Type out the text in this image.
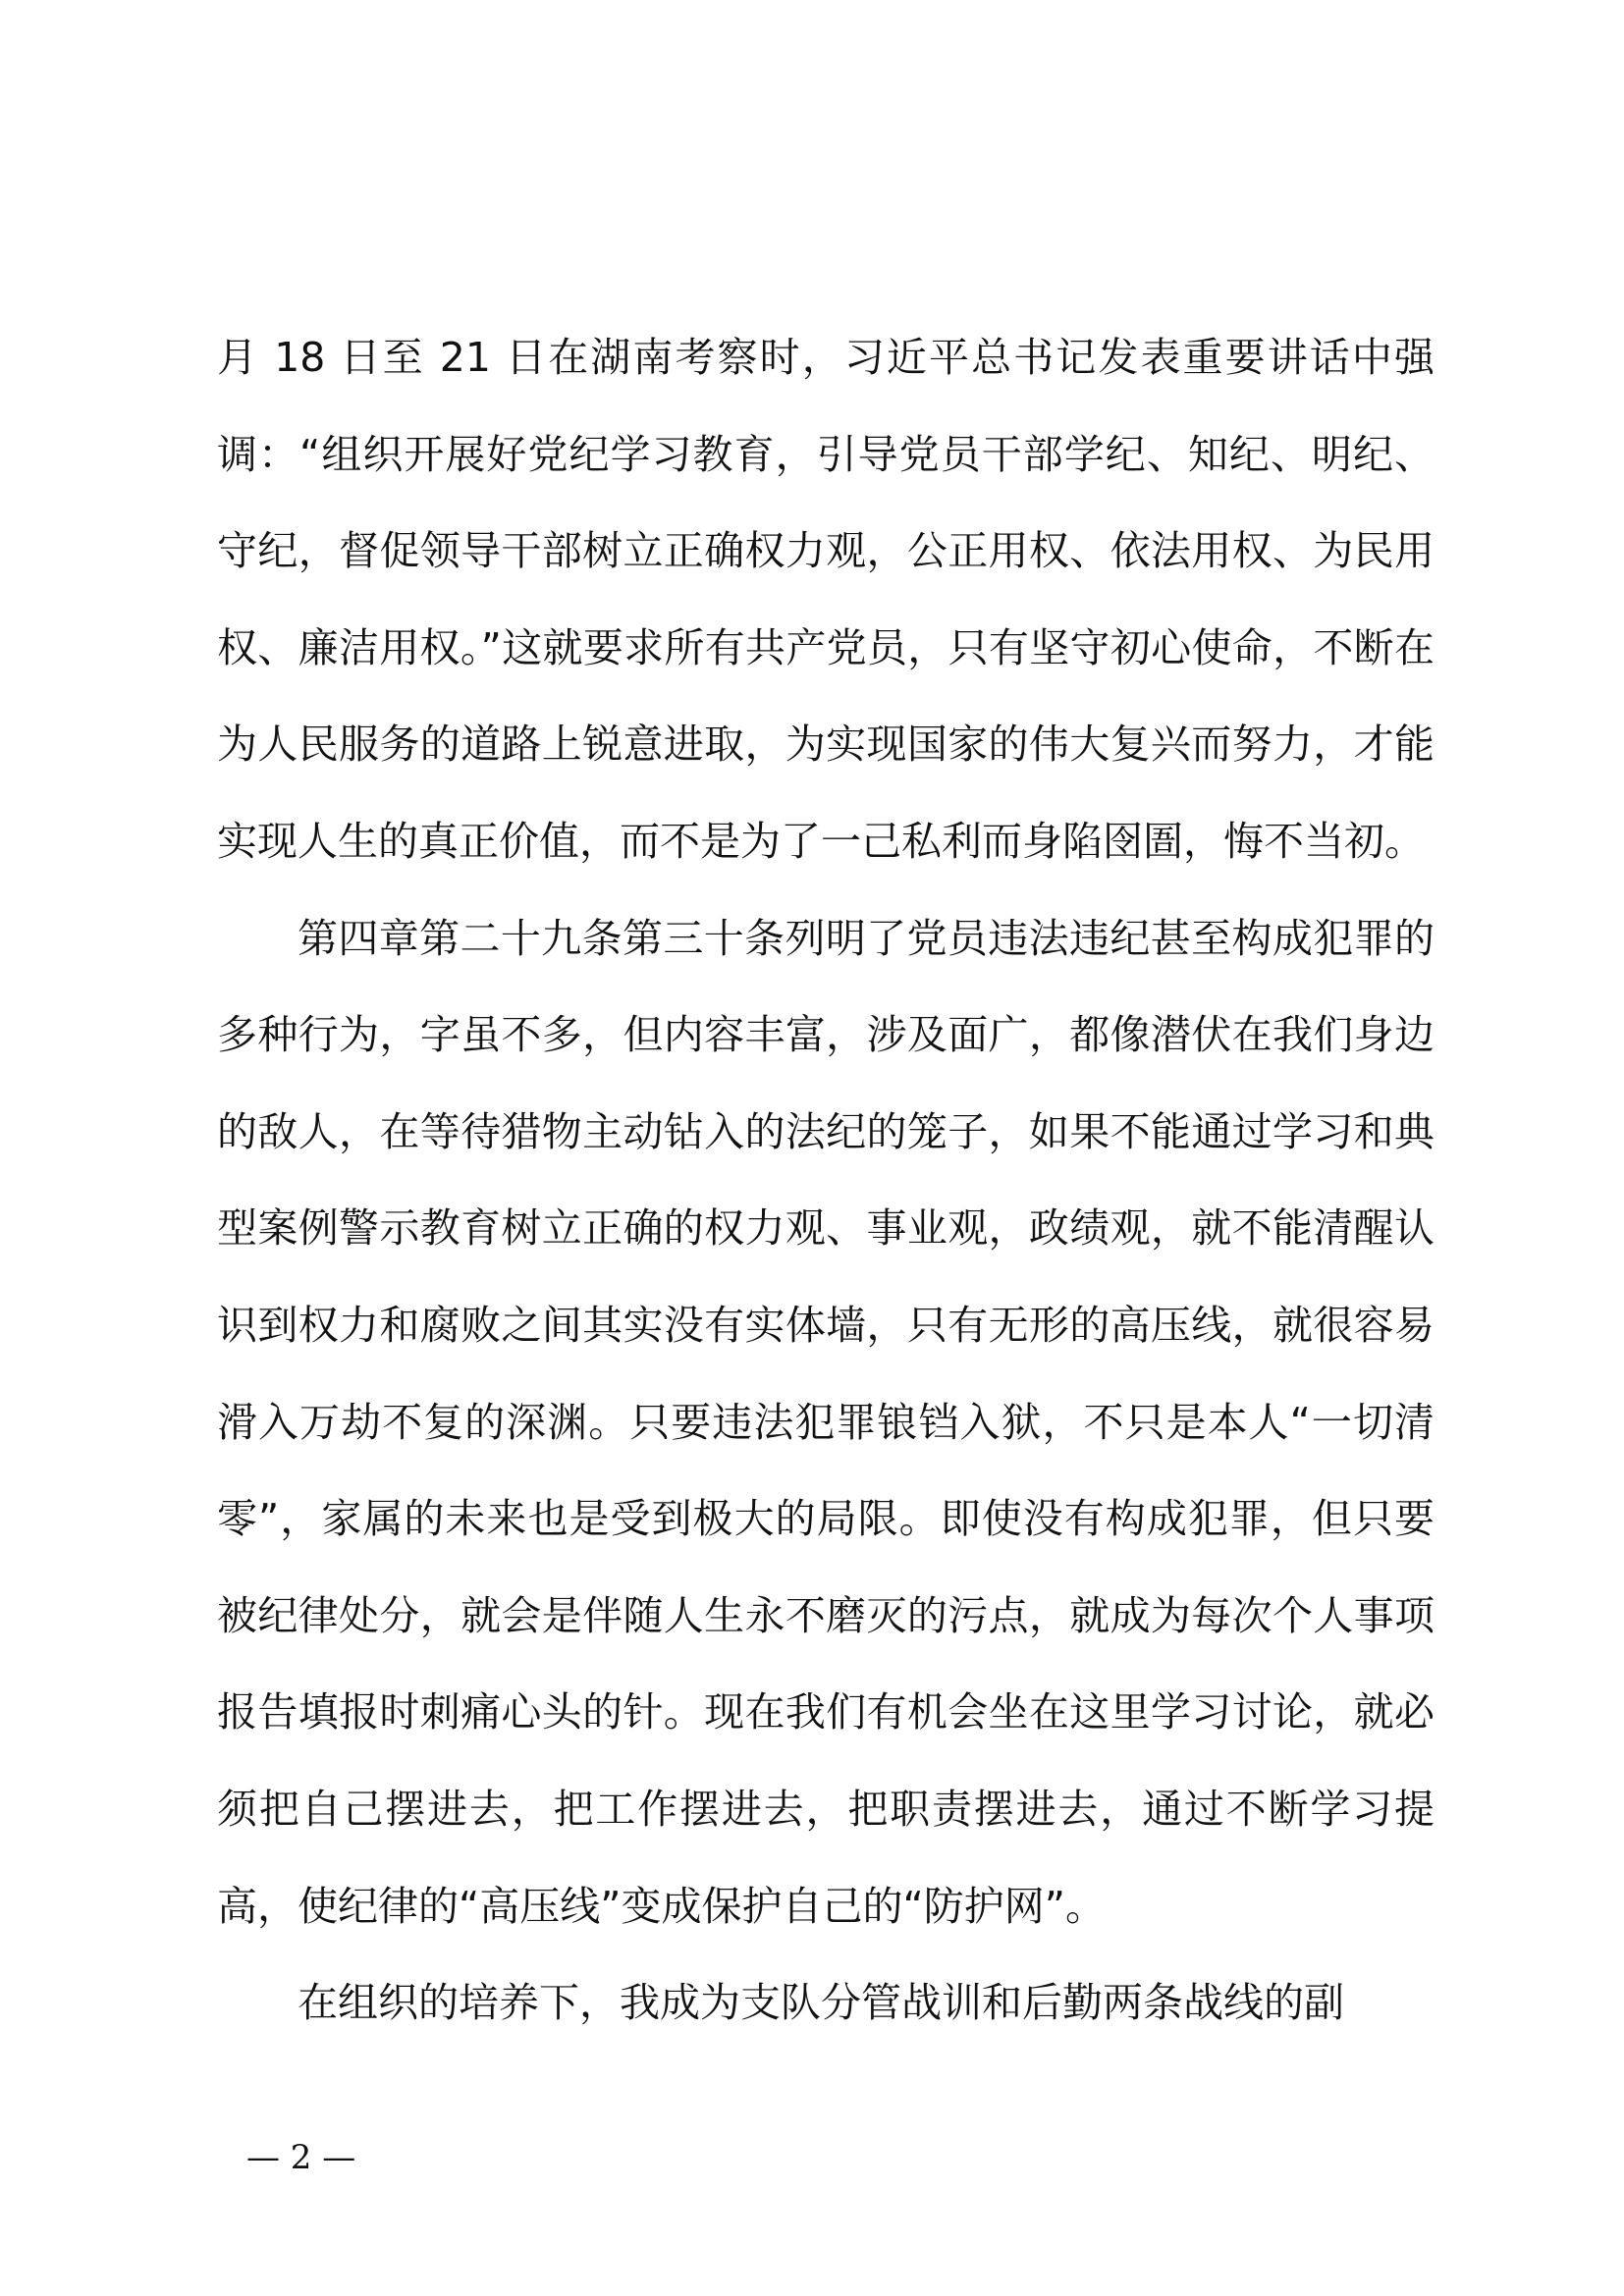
月 18 日至 21 日在湖南考察时，习近平总书记发表重要讲话中强调：“组织开展好党纪学习教育，引导党员干部学纪、知纪、明纪、守纪，督促领导干部树立正确权力观，公正用权、依法用权、为民用权、廉洁用权。”这就要求所有共产党员，只有坚守初心使命，不断在为人民服务的道路上锐意进取，为实现国家的伟大复兴而努力，才能实现人生的真正价值，而不是为了一己私利而身陷囹圄，悔不当初。

第四章第二十九条第三十条列明了党员违法违纪甚至构成犯罪的多种行为，字虽不多，但内容丰富，涉及面广，都像潜伏在我们身边的敌人，在等待猎物主动钻入的法纪的笼子，如果不能通过学习和典型案例警示教育树立正确的权力观、事业观，政绩观，就不能清醒认识到权力和腐败之间其实没有实体墙，只有无形的高压线，就很容易滑入万劫不复的深渊。只要违法犯罪锒铛入狱，不只是本人“一切清零”，家属的未来也是受到极大的局限。即使没有构成犯罪，但只要被纪律处分，就会是伴随人生永不磨灭的污点，就成为每次个人事项报告填报时刺痛心头的针。现在我们有机会坐在这里学习讨论，就必须把自己摆进去，把工作摆进去，把职责摆进去，通过不断学习提高，使纪律的“高压线”变成保护自己的“防护网”。

在组织的培养下，我成为支队分管战训和后勤两条战线的副

— 2 —
